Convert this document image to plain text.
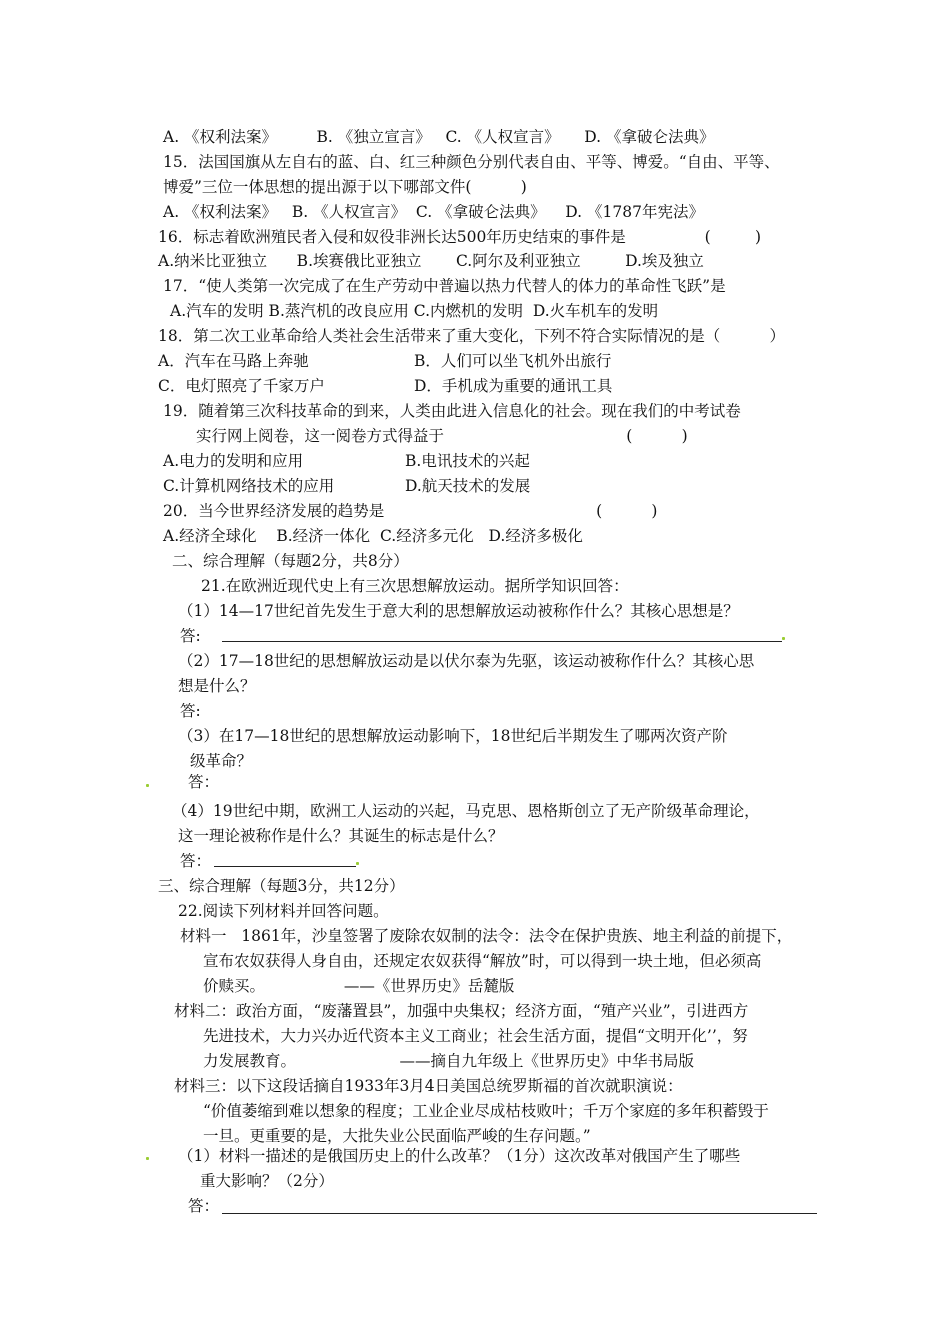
A. 《权利法案》        B. 《独立宣言》   C. 《人权宣言》     D. 《拿破仑法典》
15．法国国旗从左自右的蓝、白、红三种颜色分别代表自由、平等、博爱。“自由、平等、
博爱”三位一体思想的提出源于以下哪部文件(          )
A. 《权利法案》   B. 《人权宣言》  C. 《拿破仑法典》    D. 《1787年宪法》
16．标志着欧洲殖民者入侵和奴役非洲长达500年历史结束的事件是                (         )
A.纳米比亚独立      B.埃赛俄比亚独立       C.阿尔及利亚独立         D.埃及独立
17．“使人类第一次完成了在生产劳动中普遍以热力代替人的体力的革命性飞跃”是
A.汽车的发明 B.蒸汽机的改良应用 C.内燃机的发明  D.火车机车的发明
18．第二次工业革命给人类社会生活带来了重大变化，下列不符合实际情况的是（          ）
A．汽车在马路上奔驰	B．人们可以坐飞机外出旅行
C．电灯照亮了千家万户	D．手机成为重要的通讯工具
19．随着第三次科技革命的到来，人类由此进入信息化的社会。现在我们的中考试卷
实行网上阅卷，这一阅卷方式得益于                                     (          )
A.电力的发明和应用	B.电讯技术的兴起
C.计算机网络技术的应用	D.航天技术的发展
20．当今世界经济发展的趋势是                                           (          )
A.经济全球化    B.经济一体化  C.经济多元化   D.经济多极化
二、综合理解（每题2分，共8分）
21.在欧洲近现代史上有三次思想解放运动。据所学知识回答：
（1）14—17世纪首先发生于意大利的思想解放运动被称作什么？其核心思想是？
答:
（2）17—18世纪的思想解放运动是以伏尔泰为先驱，该运动被称作什么？其核心思
想是什么？
答:
（3）在17—18世纪的思想解放运动影响下，18世纪后半期发生了哪两次资产阶
级革命？
答：
（4）19世纪中期，欧洲工人运动的兴起，马克思、恩格斯创立了无产阶级革命理论，
这一理论被称作是什么？其诞生的标志是什么？
答：
三、综合理解（每题3分，共12分）
22.阅读下列材料并回答问题。
材料一   1861年，沙皇签署了废除农奴制的法令：法令在保护贵族、地主利益的前提下，
宣布农奴获得人身自由，还规定农奴获得“解放”时，可以得到一块土地，但必须高
价赎买。                ——《世界历史》岳麓版
材料二：政治方面，“废藩置县”，加强中央集权；经济方面，“殖产兴业”，引进西方
先进技术，大力兴办近代资本主义工商业；社会生活方面，提倡“文明开化’’，努
力发展教育。                     ——摘自九年级上《世界历史》中华书局版
材料三：以下这段话摘自1933年3月4日美国总统罗斯福的首次就职演说：
“价值萎缩到难以想象的程度；工业企业尽成枯枝败叶；千万个家庭的多年积蓄毁于
一旦。更重要的是，大批失业公民面临严峻的生存问题。”
（1）材料一描述的是俄国历史上的什么改革？（1分）这次改革对俄国产生了哪些
重大影响？（2分）
答：
